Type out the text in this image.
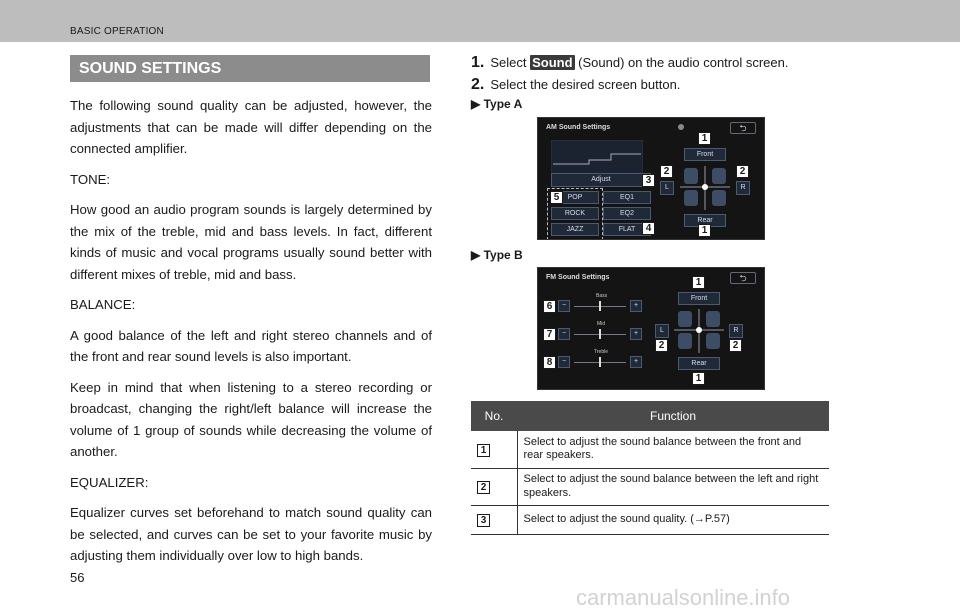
BASIC OPERATION
SOUND SETTINGS

The following sound quality can be adjusted, however, the adjustments that can be made will differ depending on the connected amplifier.

TONE:

How good an audio program sounds is largely determined by the mix of the treble, mid and bass levels. In fact, different kinds of music and vocal programs usually sound better with different mixes of treble, mid and bass.

BALANCE:

A good balance of the left and right stereo channels and of the front and rear sound levels is also important.

Keep in mind that when listening to a stereo recording or broadcast, changing the right/left balance will increase the volume of 1 group of sounds while decreasing the volume of another.

EQUALIZER:

Equalizer curves set beforehand to match sound quality can be selected, and curves can be set to your favorite music by adjusting them individually over low to high bands.

1. Select Sound (Sound) on the audio control screen.
2. Select the desired screen button.
▶ Type A
AM Sound Settings	⮌
Adjust
POP	EQ1
ROCK	EQ2
JAZZ	FLAT
Front
Rear
L	R
1
2	2
3
5
4	1
▶ Type B
FM Sound Settings	⮌
Bass
6	−	+
Mid
7	−	+
Treble
8	−	+
Front
Rear
L	R
1
2	2
1
No.	Function
1	Select to adjust the sound balance between the front and rear speakers.
2	Select to adjust the sound balance between the left and right speakers.
3	Select to adjust the sound quality. (→P.57)
56
carmanualsonline.info
